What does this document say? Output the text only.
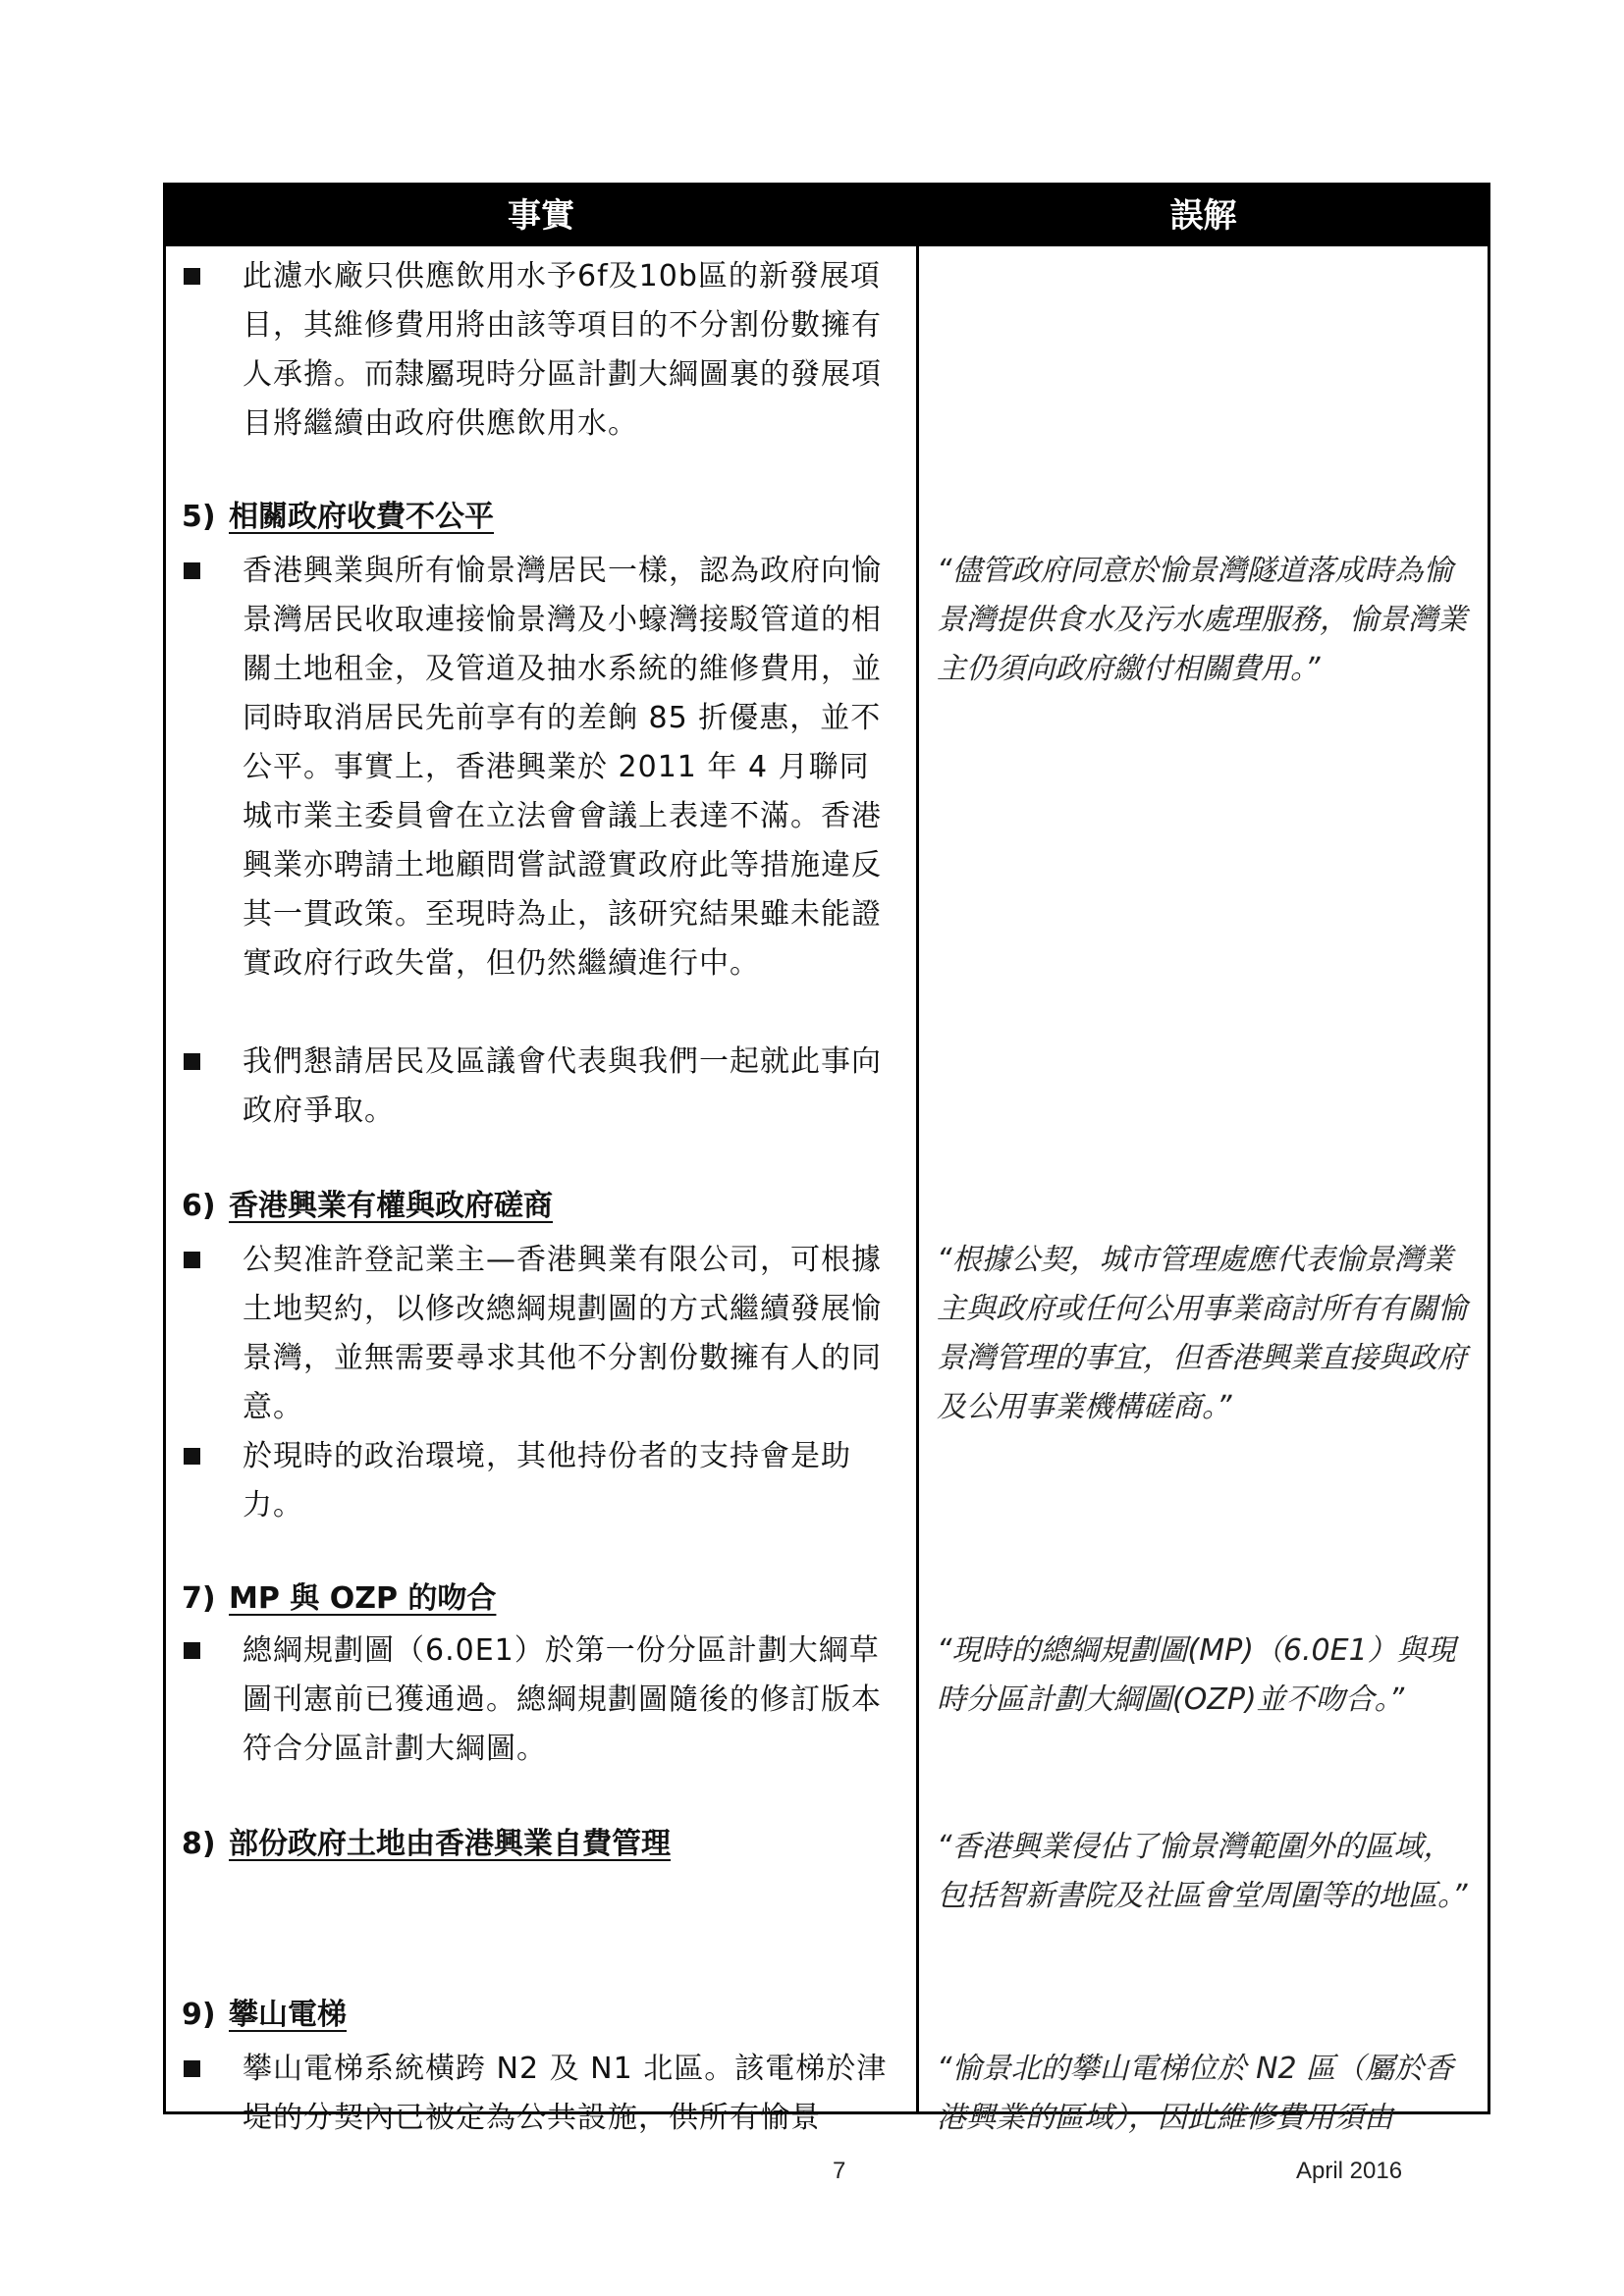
事實	誤解

此濾水廠只供應飲用水予6f及10b區的新發展項目，其維修費用將由該等項目的不分割份數擁有人承擔。而隸屬現時分區計劃大綱圖裏的發展項目將繼續由政府供應飲用水。

5) 相關政府收費不公平

香港興業與所有愉景灣居民一樣，認為政府向愉景灣居民收取連接愉景灣及小蠔灣接駁管道的相關土地租金，及管道及抽水系統的維修費用，並同時取消居民先前享有的差餉 85 折優惠，並不公平。事實上，香港興業於 2011 年 4 月聯同城市業主委員會在立法會會議上表達不滿。香港興業亦聘請土地顧問嘗試證實政府此等措施違反其一貫政策。至現時為止，該研究結果雖未能證實政府行政失當，但仍然繼續進行中。

我們懇請居民及區議會代表與我們一起就此事向政府爭取。

6) 香港興業有權與政府磋商

公契准許登記業主—香港興業有限公司，可根據土地契約，以修改總綱規劃圖的方式繼續發展愉景灣，並無需要尋求其他不分割份數擁有人的同意。

於現時的政治環境，其他持份者的支持會是助力。

7) MP 與 OZP 的吻合

總綱規劃圖（6.0E1）於第一份分區計劃大綱草圖刊憲前已獲通過。總綱規劃圖隨後的修訂版本符合分區計劃大綱圖。

8) 部份政府土地由香港興業自費管理
9) 攀山電梯

攀山電梯系統橫跨 N2 及 N1 北區。該電梯於津堤的分契內已被定為公共設施，供所有愉景

“儘管政府同意於愉景灣隧道落成時為愉景灣提供食水及污水處理服務，愉景灣業主仍須向政府繳付相關費用。”

“根據公契，城市管理處應代表愉景灣業主與政府或任何公用事業商討所有有關愉景灣管理的事宜，但香港興業直接與政府及公用事業機構磋商。”

“現時的總綱規劃圖(MP)（6.0E1）與現時分區計劃大綱圖(OZP)並不吻合。”

“香港興業侵佔了愉景灣範圍外的區域，包括智新書院及社區會堂周圍等的地區。”

“愉景北的攀山電梯位於 N2 區（屬於香港興業的區域），因此維修費用須由

7	April 2016
